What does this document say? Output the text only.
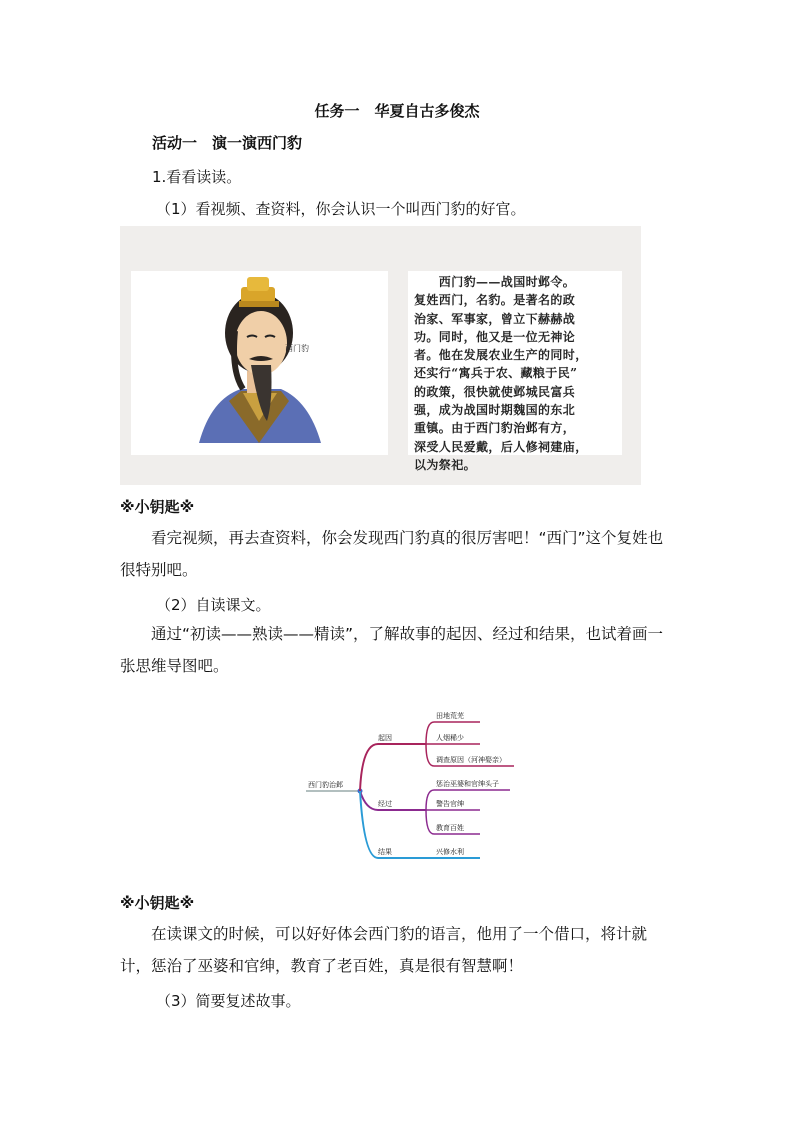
任务一　华夏自古多俊杰
活动一　演一演西门豹
1.看看读读。
（1）看视频、查资料，你会认识一个叫西门豹的好官。
西门豹
　　西门豹——战国时邺令。
复姓西门，名豹。是著名的政
治家、军事家，曾立下赫赫战
功。同时，他又是一位无神论
者。他在发展农业生产的同时，
还实行“寓兵于农、藏粮于民”
的政策，很快就使邺城民富兵
强，成为战国时期魏国的东北
重镇。由于西门豹治邺有方，
深受人民爱戴，后人修祠建庙，
以为祭祀。
※小钥匙※
　　看完视频，再去查资料，你会发现西门豹真的很厉害吧！“西门”这个复姓也很特别吧。
（2）自读课文。
　　通过“初读——熟读——精读”，了解故事的起因、经过和结果，也试着画一张思维导图吧。
西门豹治邺
起因
田地荒芜
人烟稀少
调查原因（河神娶亲）
经过
惩治巫婆和官绅头子
警告官绅
教育百姓
结果	兴修水利
※小钥匙※
　　在读课文的时候，可以好好体会西门豹的语言，他用了一个借口，将计就计，惩治了巫婆和官绅，教育了老百姓，真是很有智慧啊！
（3）简要复述故事。
